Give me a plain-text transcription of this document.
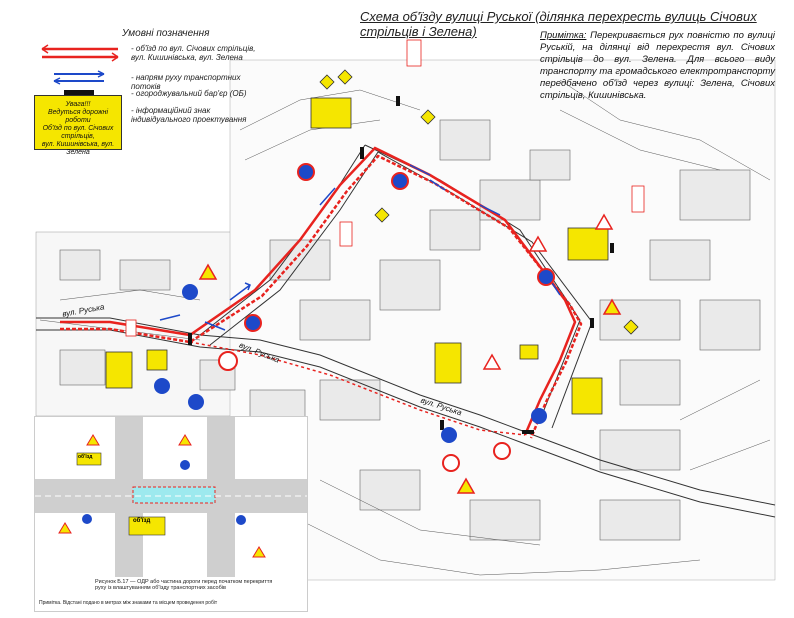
Схема об'їзду вулиці Руської (ділянка перехресть вулиць Січових стрільців і Зелена)	Примітка: Перекривається рух повністю по вулиці Руській, на ділянці від перехрестя вул. Січових стрільців до вул. Зелена. Для всього виду транспорту та громадського електротранспорту передбачено об'їзд через вулиці: Зелена, Січових стрільців, Кишинівська.
Умовні позначення
- об'їзд по вул. Січових стрільців, вул. Кишинівська, вул. Зелена
- напрям руху транспортних потоків
- огороджувальний бар'єр (ОБ)
- інформаційний знак індивідуального проектування
Увага!!!
Ведуться дорожні роботи
Об'їзд по вул. Січових стрільців,
вул. Кишинівська, вул. Зелена
вул. Руська
вул. Руська
вул. Руська
об'їзд
об'їзд
Рисунок Б.17 — ОДР або частина дороги перед початком перекриття руху із влаштуванням об'їзду транспортних засобів
Примітка. Відстані подано в метрах між знаками та місцем проведення робіт
